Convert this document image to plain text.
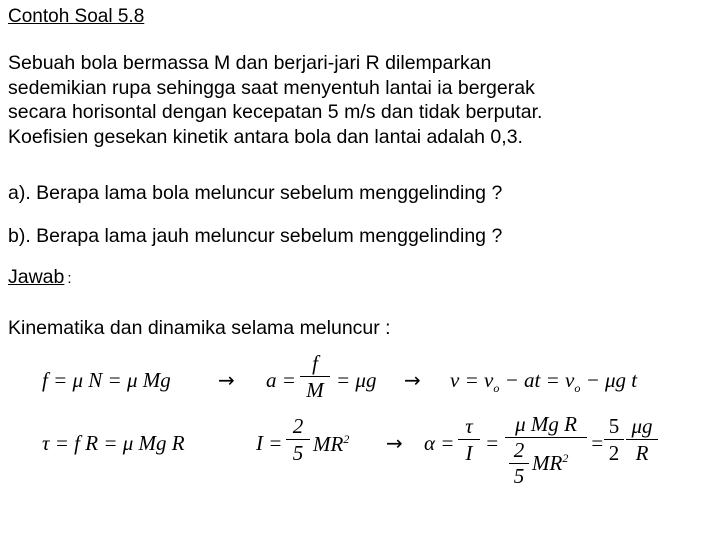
Contoh Soal 5.8
Sebuah bola bermassa M dan berjari-jari R dilemparkan
sedemikian rupa sehingga saat menyentuh lantai ia bergerak
secara horisontal dengan kecepatan 5 m/s dan tidak berputar.
Koefisien gesekan kinetik antara bola dan lantai adalah 0,3.
a). Berapa lama bola meluncur sebelum menggelinding ?
b). Berapa lama jauh meluncur sebelum menggelinding ?
Jawab :
Kinematika dan dinamika selama meluncur :
f = μ N = μ $Mg \to a = \frac{f}{M} = \mu g \to v = v_o$ − at = $v_o - \mu g$ t
τ = f R = μ Mg R	$I = \frac{2}{5} MR^2 \to \alpha = \frac{\tau}{I} = \mu$ Mg R
2
5
$MR^2 = \frac{5}{2} \frac{\mu g}{R}$
